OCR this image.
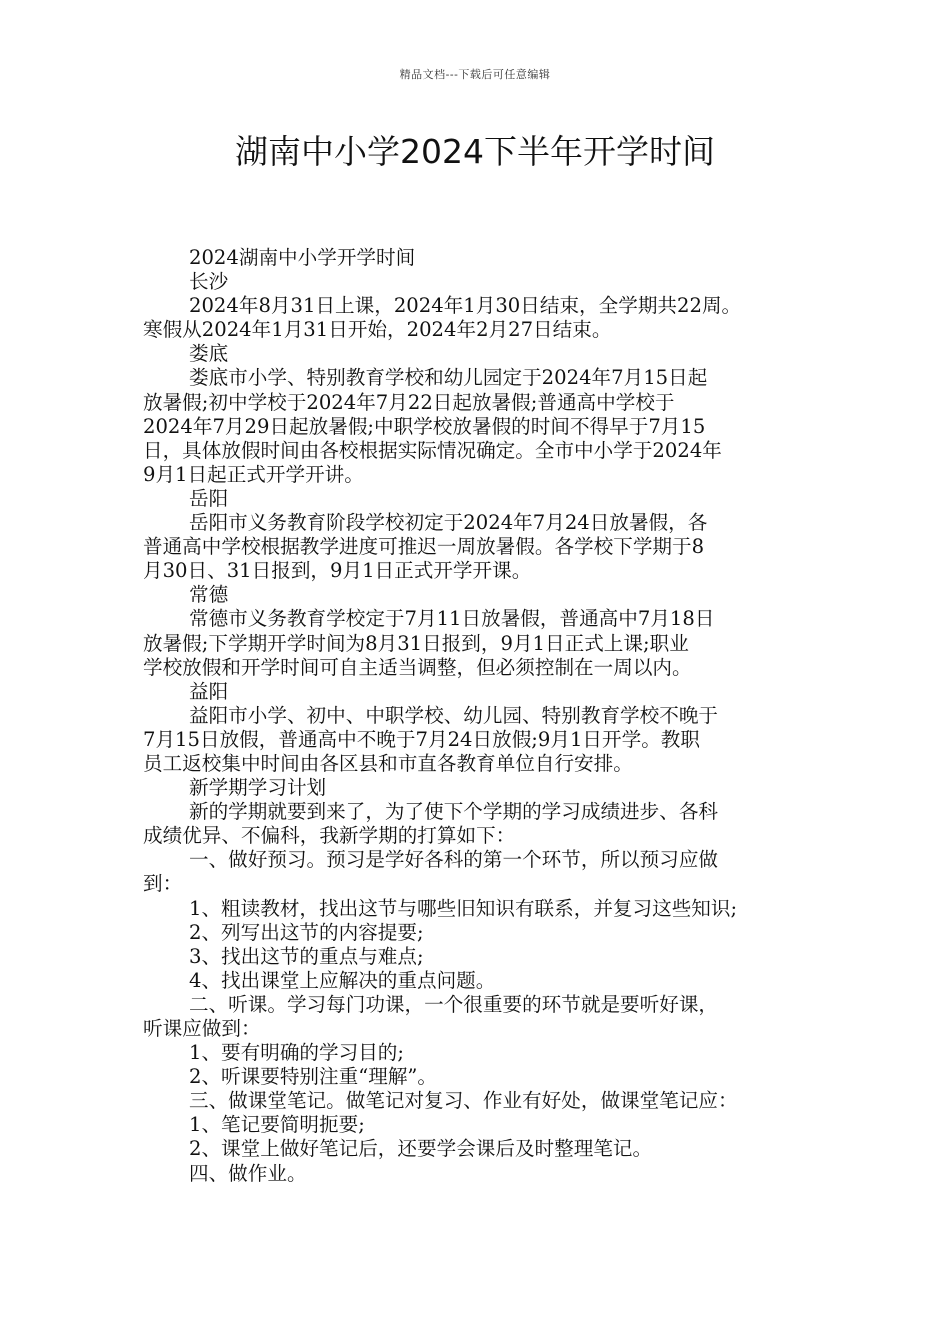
精品文档---下载后可任意编辑
湖南中小学2024下半年开学时间
2024湖南中小学开学时间
长沙
2024年8月31日上课，2024年1月30日结束，全学期共22周。
寒假从2024年1月31日开始，2024年2月27日结束。
娄底
娄底市小学、特别教育学校和幼儿园定于2024年7月15日起
放暑假;初中学校于2024年7月22日起放暑假;普通高中学校于
2024年7月29日起放暑假;中职学校放暑假的时间不得早于7月15
日，具体放假时间由各校根据实际情况确定。全市中小学于2024年
9月1日起正式开学开讲。
岳阳
岳阳市义务教育阶段学校初定于2024年7月24日放暑假，各
普通高中学校根据教学进度可推迟一周放暑假。各学校下学期于8
月30日、31日报到，9月1日正式开学开课。
常德
常德市义务教育学校定于7月11日放暑假，普通高中7月18日
放暑假;下学期开学时间为8月31日报到，9月1日正式上课;职业
学校放假和开学时间可自主适当调整，但必须控制在一周以内。
益阳
益阳市小学、初中、中职学校、幼儿园、特别教育学校不晚于
7月15日放假，普通高中不晚于7月24日放假;9月1日开学。教职
员工返校集中时间由各区县和市直各教育单位自行安排。
新学期学习计划
新的学期就要到来了，为了使下个学期的学习成绩进步、各科
成绩优异、不偏科，我新学期的打算如下：
一、做好预习。预习是学好各科的第一个环节，所以预习应做
到：
1、粗读教材，找出这节与哪些旧知识有联系，并复习这些知识;
2、列写出这节的内容提要;
3、找出这节的重点与难点;
4、找出课堂上应解决的重点问题。
二、听课。学习每门功课，一个很重要的环节就是要听好课，
听课应做到：
1、要有明确的学习目的;
2、听课要特别注重“理解”。
三、做课堂笔记。做笔记对复习、作业有好处，做课堂笔记应：
1、笔记要简明扼要;
2、课堂上做好笔记后，还要学会课后及时整理笔记。
四、做作业。
